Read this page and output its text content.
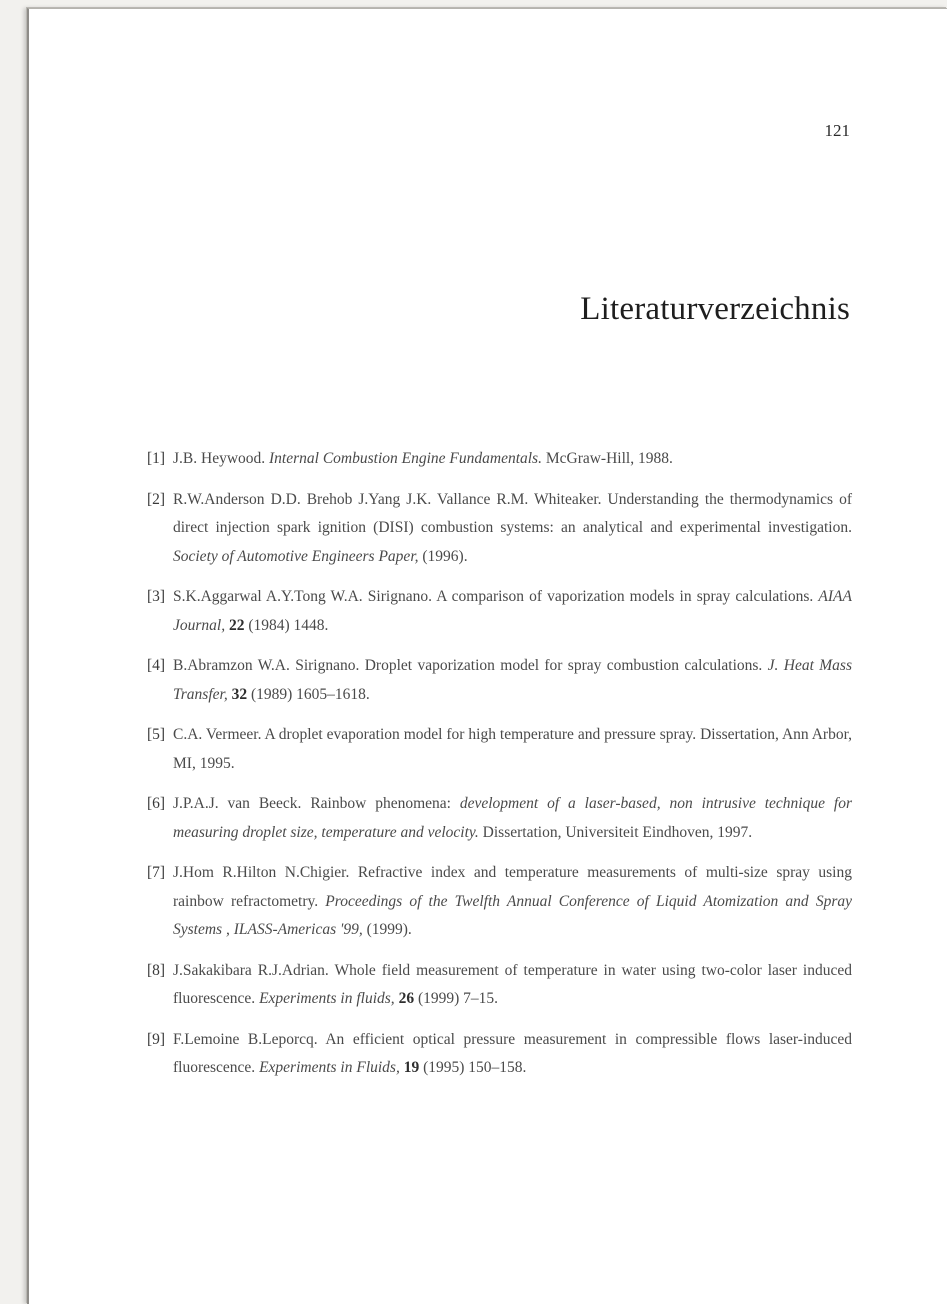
121
Literaturverzeichnis
[1] J.B. Heywood. Internal Combustion Engine Fundamentals. McGraw-Hill, 1988.
[2] R.W.Anderson D.D. Brehob J.Yang J.K. Vallance R.M. Whiteaker. Understanding the thermodynamics of direct injection spark ignition (DISI) combustion systems: an analytical and experimental investigation. Society of Automotive Engineers Paper, (1996).
[3] S.K.Aggarwal A.Y.Tong W.A. Sirignano. A comparison of vaporization models in spray calculations. AIAA Journal, 22 (1984) 1448.
[4] B.Abramzon W.A. Sirignano. Droplet vaporization model for spray combustion calculations. J. Heat Mass Transfer, 32 (1989) 1605–1618.
[5] C.A. Vermeer. A droplet evaporation model for high temperature and pressure spray. Dissertation, Ann Arbor, MI, 1995.
[6] J.P.A.J. van Beeck. Rainbow phenomena: development of a laser-based, non intrusive technique for measuring droplet size, temperature and velocity. Dissertation, Universiteit Eindhoven, 1997.
[7] J.Hom R.Hilton N.Chigier. Refractive index and temperature measurements of multi-size spray using rainbow refractometry. Proceedings of the Twelfth Annual Conference of Liquid Atomization and Spray Systems , ILASS-Americas '99, (1999).
[8] J.Sakakibara R.J.Adrian. Whole field measurement of temperature in water using two-color laser induced fluorescence. Experiments in fluids, 26 (1999) 7–15.
[9] F.Lemoine B.Leporcq. An efficient optical pressure measurement in compressible flows laser-induced fluorescence. Experiments in Fluids, 19 (1995) 150–158.
